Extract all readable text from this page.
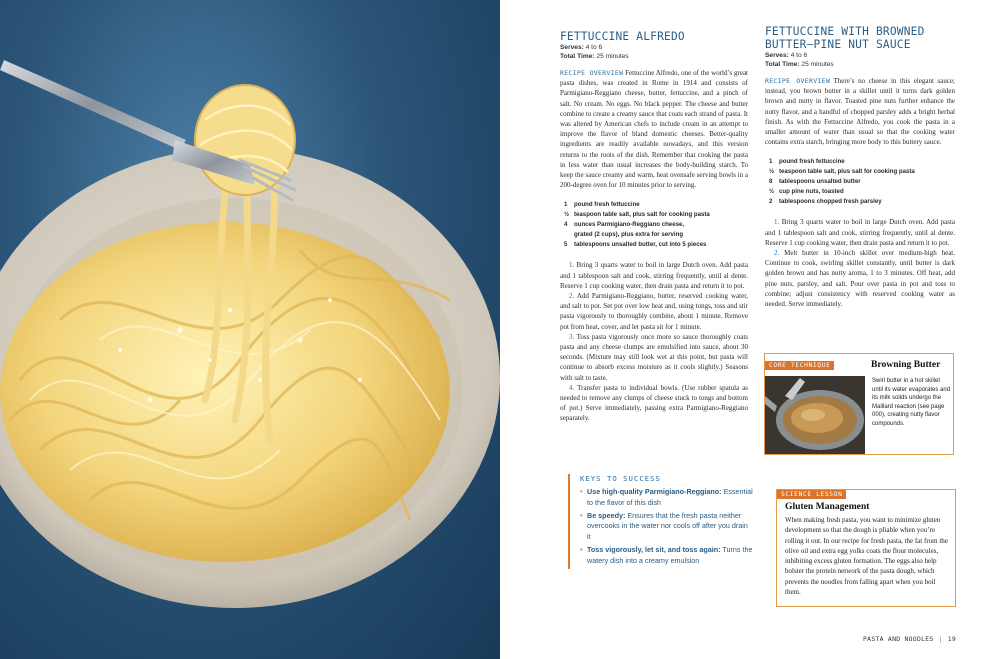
FETTUCCINE ALFREDO
Serves: 4 to 6
Total Time: 25 minutes

RECIPE OVERVIEW Fettuccine Alfredo, one of the world’s great pasta dishes, was created in Rome in 1914 and consists of Parmigiano-Reggiano cheese, butter, fettuccine, and a pinch of salt. No cream. No eggs. No black pepper. The cheese and butter combine to create a creamy sauce that coats each strand of pasta. It was altered by American chefs to include cream in an attempt to improve the flavor of bland domestic cheeses. Better-quality ingredients are readily available nowadays, and this version returns to the roots of the dish. Remember that cooking the pasta in less water than usual increases the body-building starch. To keep the sauce creamy and warm, heat ovensafe serving bowls in a 200-degree oven for 10 minutes prior to serving.

1	pound fresh fettuccine
½ teaspoon table salt, plus salt for cooking pasta
4	ounces Parmigiano-Reggiano cheese,
grated (2 cups), plus extra for serving
5	tablespoons unsalted butter, cut into 5 pieces

1. Bring 3 quarts water to boil in large Dutch oven. Add pasta and 1 tablespoon salt and cook, stirring frequently, until al dente. Reserve 1 cup cooking water, then drain pasta and return it to pot.

2. Add Parmigiano-Reggiano, butter, reserved cooking water, and salt to pot. Set pot over low heat and, using tongs, toss and stir pasta vigorously to thoroughly combine, about 1 minute. Remove pot from heat, cover, and let pasta sit for 1 minute.

3. Toss pasta vigorously once more so sauce thoroughly coats pasta and any cheese clumps are emulsified into sauce, about 30 seconds. (Mixture may still look wet at this point, but pasta will continue to absorb excess moisture as it cools slightly.) Seasons with salt to taste.

4. Transfer pasta to individual bowls. (Use rubber spatula as needed to remove any clumps of cheese stuck to tongs and bottom of pot.) Serve immediately, passing extra Parmigiano-Reggiano separately.

KEYS TO SUCCESS
• Use high-quality Parmigiano-Reggiano: Essential to the flavor of this dish
• Be speedy: Ensures that the fresh pasta neither overcooks in the water nor cools off after you drain it
• Toss vigorously, let sit, and toss again: Turns the watery dish into a creamy emulsion
FETTUCCINE WITH BROWNED
BUTTER–PINE NUT SAUCE
Serves: 4 to 6
Total Time: 25 minutes

RECIPE OVERVIEW There’s no cheese in this elegant sauce; instead, you brown butter in a skillet until it turns dark golden brown and nutty in flavor. Toasted pine nuts further enhance the nutty flavor, and a handful of chopped parsley adds a bright herbal finish. As with the Fettuccine Alfredo, you cook the pasta in a smaller amount of water than usual so that the cooking water contains extra starch, bringing more body to this buttery sauce.

1	pound fresh fettuccine
½ teaspoon table salt, plus salt for cooking pasta
8	tablespoons unsalted butter
½ cup pine nuts, toasted
2	tablespoons chopped fresh parsley

1. Bring 3 quarts water to boil in large Dutch oven. Add pasta and 1 tablespoon salt and cook, stirring frequently, until al dente. Reserve 1 cup cooking water, then drain pasta and return it to pot.

2. Melt butter in 10-inch skillet over medium-high heat. Continue to cook, swirling skillet constantly, until butter is dark golden brown and has nutty aroma, 1 to 3 minutes. Off heat, add pine nuts, parsley, and salt. Pour over pasta in pot and toss to combine; adjust consistency with reserved cooking water as needed. Serve immediately.

CORE TECHNIQUE	Browning Butter
Swirl butter in a hot skillet until its water evaporates and its milk solids undergo the Maillard reaction (see page 000), creating nutty flavor compounds.
SCIENCE LESSON
Gluten Management
When making fresh pasta, you want to minimize gluten development so that the dough is pliable when you’re rolling it out. In our recipe for fresh pasta, the fat from the olive oil and extra egg yolks coats the flour molecules, inhibiting excess gluten formation. The eggs also help bolster the protein network of the pasta dough, which prevents the noodles from falling apart when you boil them.
PASTA AND NOODLES | 19
